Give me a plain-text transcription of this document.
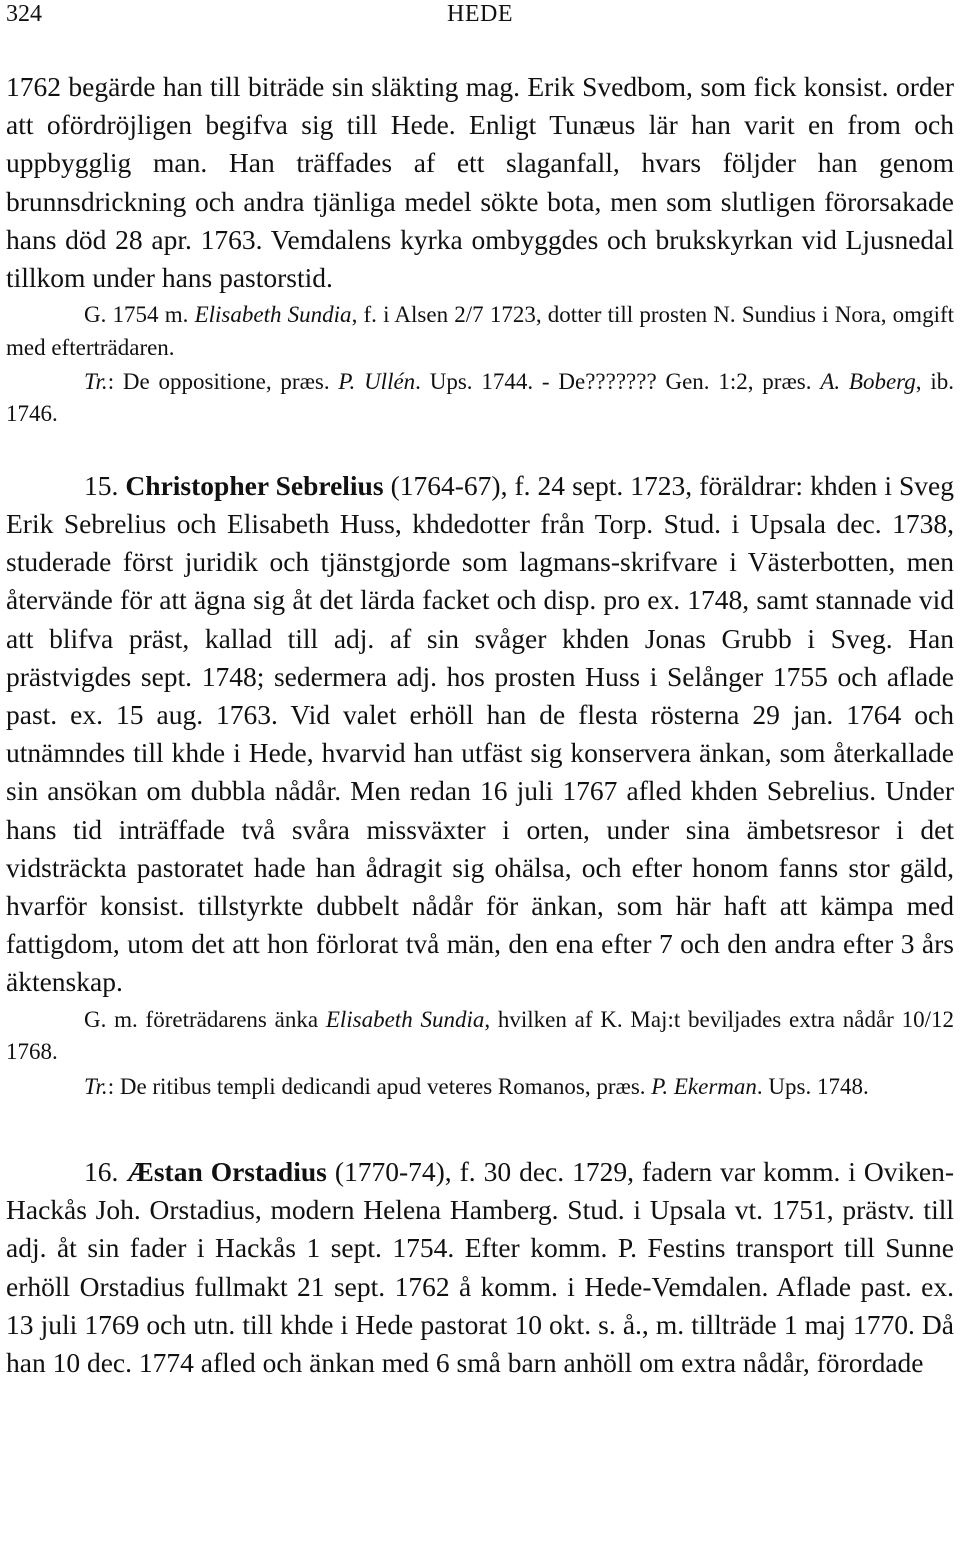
324	HEDE

1762 begärde han till biträde sin släkting mag. Erik Svedbom, som fick konsist. order att ofördröjligen begifva sig till Hede. Enligt Tunæus lär han varit en from och uppbygglig man. Han träffades af ett slaganfall, hvars följder han genom brunnsdrickning och andra tjänliga medel sökte bota, men som slutligen förorsakade hans död 28 apr. 1763. Vemdalens kyrka ombyggdes och brukskyrkan vid Ljusnedal tillkom under hans pastorstid.

G. 1754 m. Elisabeth Sundia, f. i Alsen 2/7 1723, dotter till prosten N. Sundius i Nora, omgift med efterträdaren.

Tr.: De oppositione, præs. P. Ullén. Ups. 1744. - De??????? Gen. 1:2, præs. A. Boberg, ib. 1746.

15. Christopher Sebrelius (1764-67), f. 24 sept. 1723, föräldrar: khden i Sveg Erik Sebrelius och Elisabeth Huss, khdedotter från Torp. Stud. i Upsala dec. 1738, studerade först juridik och tjänstgjorde som lagmans-skrifvare i Västerbotten, men återvände för att ägna sig åt det lärda facket och disp. pro ex. 1748, samt stannade vid att blifva präst, kallad till adj. af sin svåger khden Jonas Grubb i Sveg. Han prästvigdes sept. 1748; sedermera adj. hos prosten Huss i Selånger 1755 och aflade past. ex. 15 aug. 1763. Vid valet erhöll han de flesta rösterna 29 jan. 1764 och utnämndes till khde i Hede, hvarvid han utfäst sig konservera änkan, som återkallade sin ansökan om dubbla nådår. Men redan 16 juli 1767 afled khden Sebrelius. Under hans tid inträffade två svåra missväxter i orten, under sina ämbetsresor i det vidsträckta pastoratet hade han ådragit sig ohälsa, och efter honom fanns stor gäld, hvarför konsist. tillstyrkte dubbelt nådår för änkan, som här haft att kämpa med fattigdom, utom det att hon förlorat två män, den ena efter 7 och den andra efter 3 års äktenskap.

G. m. företrädarens änka Elisabeth Sundia, hvilken af K. Maj:t beviljades extra nådår 10/12 1768.

Tr.: De ritibus templi dedicandi apud veteres Romanos, præs. P. Ekerman. Ups. 1748.

16. Æstan Orstadius (1770-74), f. 30 dec. 1729, fadern var komm. i Oviken-Hackås Joh. Orstadius, modern Helena Hamberg. Stud. i Upsala vt. 1751, prästv. till adj. åt sin fader i Hackås 1 sept. 1754. Efter komm. P. Festins transport till Sunne erhöll Orstadius fullmakt 21 sept. 1762 å komm. i Hede-Vemdalen. Aflade past. ex. 13 juli 1769 och utn. till khde i Hede pastorat 10 okt. s. å., m. tillträde 1 maj 1770. Då han 10 dec. 1774 afled och änkan med 6 små barn anhöll om extra nådår, förordade
